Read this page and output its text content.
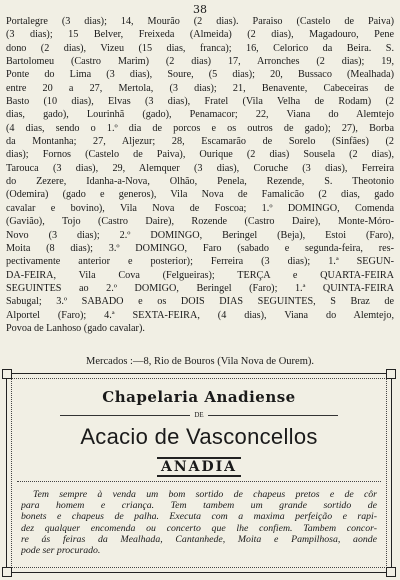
38
Portalegre (3 dias); 14, Mourão (2 dias). Paraiso (Castelo de Paiva)
(3 dias); 15 Belver, Freixeda (Almeida) (2 dias), Magadouro, Pene
dono (2 dias), Vizeu (15 dias, franca); 16, Celorico da Beira. S.
Bartolomeu (Castro Marim) (2 dias) 17, Arronches (2 dias); 19,
Ponte do Lima (3 dias), Soure, (5 dias); 20, Bussaco (Mealhada)
entre 20 a 27, Mertola, (3 dias); 21, Benavente, Cabeceiras de
Basto (10 dias), Elvas (3 dias), Fratel (Vila Velha de Rodam) (2
dias, gado), Lourinhã (gado), Penamacor; 22, Viana do Alemtejo
(4 dias, sendo o 1.º dia de porcos e os outros de gado); 27), Borba
da Montanha; 27, Aljezur; 28, Escamarão de Sorelo (Sinfães) (2
dias); Fornos (Castelo de Paiva), Ourique (2 dias) Sousela (2 dias),
Tarouca (3 dias), 29, Alemquer (3 dias), Coruche (3 dias), Ferreira
do Zezere, Idanha-a-Nova, Olhão, Penela, Rezende, S. Theotonio
(Odemira) (gado e generos), Vila Nova de Famalicão (2 dias, gado
cavalar e bovino), Vila Nova de Foscoa; 1.º DOMINGO, Comenda
(Gavião), Tojo (Castro Daire), Rozende (Castro Daire), Monte-Móro-
Novo (3 dias); 2.º DOMINGO, Beringel (Beja), Estoi (Faro),
Moita (8 dias); 3.º DOMINGO, Faro (sabado e segunda-feira, res-
pectivamente anterior e posterior); Ferreira (3 dias); 1.ª SEGUN-
DA-FEIRA, Vila Cova (Felgueiras); TERÇA e QUARTA-FEIRA
SEGUINTES ao 2.º DOMIGO, Beringel (Faro); 1.ª QUINTA-FEIRA
Sabugal; 3.º SABADO e os DOIS DIAS SEGUINTES, S Braz de
Alportel (Faro); 4.ª SEXTA-FEIRA, (4 dias), Viana do Alemtejo,
Povoa de Lanhoso (gado cavalar).
Mercados :—8, Rio de Bouros (Vila Nova de Ourem).
Chapelaria Anadiense
DE
Acacio de Vasconcellos
ANADIA
Tem sempre à venda um bom sortido de chapeus pretos e de côr
para homem e criança. Tem tambem um grande sortido de
bonets e chapeus de palha. Executa com a maxima perfeição e rapi-
dez qualquer encomenda ou concerto que lhe confiem. Tambem concor-
re ás feiras da Mealhada, Cantanhede, Moita e Pampilhosa, aonde
pode ser procurado.
